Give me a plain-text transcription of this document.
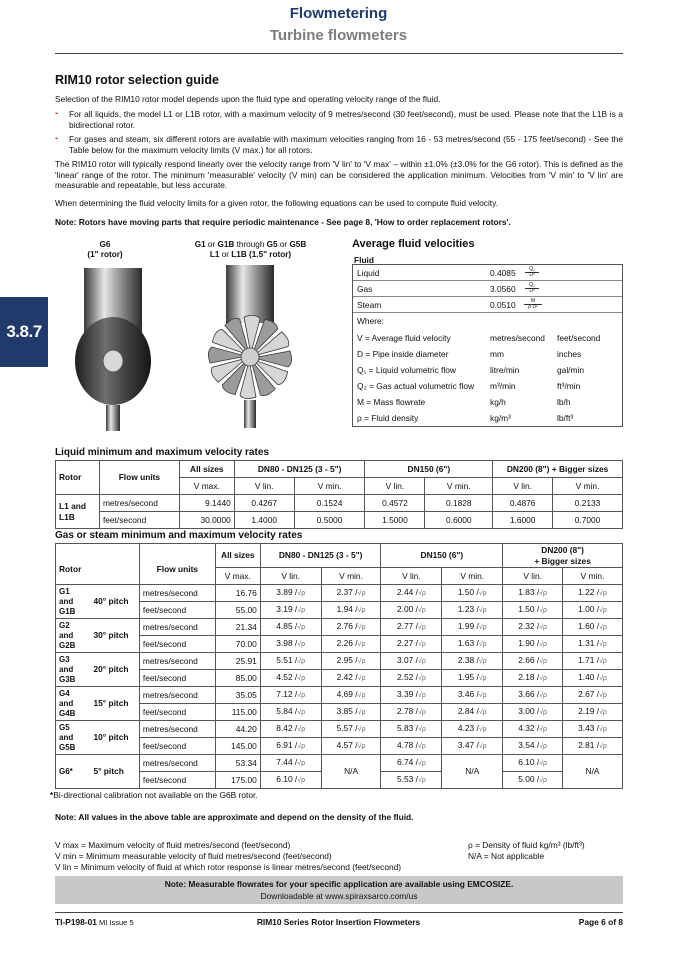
Flowmetering
Turbine flowmeters
3.8.7
RIM10 rotor selection guide
Selection of the RIM10 rotor model depends upon the fluid type and operating velocity range of the fluid.
- For all liquids, the model L1 or L1B rotor, with a maximum velocity of 9 metres/second (30 feet/second), must be used. Please note that the L1B is a bidirectional rotor.
- For gases and steam, six different rotors are available with maximum velocities ranging from 16 - 53 metres/second (55 - 175 feet/second) - See the Table below for the maximum velocity limits (V max.) for all rotors.
The RIM10 rotor will typically respond linearly over the velocity range from 'V lin' to 'V max' – within ±1.0% (±3.0% for the G6 rotor). This is defined as the 'linear' range of the rotor. The minimum 'measurable' velocity (V min) can be considered the application minimum. Velocities from 'V min' to 'V lin' are measurable and repeatable, but less accurate.
When determining the fluid velocity limits for a given rotor, the following equations can be used to compute fluid velocity.
Note: Rotors have moving parts that require periodic maintenance - See page 8, 'How to order replacement rotors'.
G6
(1" rotor)
G1 or G1B through G5 or G5B
L1 or L1B (1.5" rotor)
Average fluid velocities
Fluid
Liquid	$0.4085 \frac{\text{Q₁}}{\text{D²}}$
Gas	$3.0560 \frac{\text{Q₂}}{\text{D²}}$
Steam	$0.0510 \frac{M}{\text{ρ D²}}$
Where:
V = Average fluid velocity	metres/second feet/second
D = Pipe inside diameter	mm	inches
Q₁ = Liquid volumetric flow	litre/min	gal/min
Q₂ = Gas actual volumetric flow m³/min	ft³/min
M = Mass flowrate	kg/h	lb/h
ρ = Fluid density	kg/m³	lb/ft³
Liquid minimum and maximum velocity rates
Rotor	Flow units	All sizes	DN80 - DN125 (3 - 5")		DN150 (6")		DN200 (8") + Bigger sizes	
		V max.	V lin.	V min.	V lin.	V min.	V lin.	V min.
L1 and
L1B	metres/second	9.1440	0.4267	0.1524	0.4572	0.1828	0.4876	0.2133
	feet/second	30.0000	1.4000	0.5000	1.5000	0.6000	1.6000	0.7000
Gas or steam minimum and maximum velocity rates
Rotor		Flow units	All sizes	DN80 - DN125 (3 - 5")		DN150 (6")		DN200 (8")
+ Bigger sizes	
			V max.	V lin.	V min.	V lin.	V min.	V lin.	V min.
G1 and
G1B	40° pitch	metres/second	16.76	3.89 /√ρ	2.37 /√ρ	2.44 /√ρ	1.50 /√ρ	1.83 /√ρ	1.22 /√ρ
		feet/second	55.00	3.19 /√ρ	1.94 /√ρ	2.00 /√ρ	1.23 /√ρ	1.50 /√ρ	1.00 /√ρ
G2 and
G2B	30° pitch	metres/second	21.34	4.85 /√ρ	2.76 /√ρ	2.77 /√ρ	1.99 /√ρ	2.32 /√ρ	1.60 /√ρ
		feet/second	70.00	3.98 /√ρ	2.26 /√ρ	2.27 /√ρ	1.63 /√ρ	1.90 /√ρ	1.31 /√ρ
G3 and
G3B	20° pitch	metres/second	25.91	5.51 /√ρ	2.95 /√ρ	3.07 /√ρ	2.38 /√ρ	2.66 /√ρ	1.71 /√ρ
		feet/second	85.00	4.52 /√ρ	2.42 /√ρ	2.52 /√ρ	1.95 /√ρ	2.18 /√ρ	1.40 /√ρ
G4 and
G4B	15° pitch	metres/second	35.05	7.12 /√ρ	4.69 /√ρ	3.39 /√ρ	3.46 /√ρ	3.66 /√ρ	2.67 /√ρ
		feet/second	115.00	5.84 /√ρ	3.85 /√ρ	2.78 /√ρ	2.84 /√ρ	3.00 /√ρ	2.19 /√ρ
G5 and
G5B	10° pitch	metres/second	44.20	8.42 /√ρ	5.57 /√ρ	5.83 /√ρ	4.23 /√ρ	4.32 /√ρ	3.43 /√ρ
		feet/second	145.00	6.91 /√ρ	4.57 /√ρ	4.78 /√ρ	3.47 /√ρ	3.54 /√ρ	2.81 /√ρ
G6*	5° pitch	metres/second	53.34	7.44 /√ρ	N/A	6.74 /√ρ	N/A	6.10 /√ρ	N/A
		feet/second	175.00	6.10 /√ρ		5.53 /√ρ		5.00 /√ρ	
*Bi-directional calibration not available on the G6B rotor.
Note: All values in the above table are approximate and depend on the density of the fluid.
V max = Maximum velocity of fluid metres/second (feet/second)
V min = Minimum measurable velocity of fluid metres/second (feet/second)
V lin = Minimum velocity of fluid at which rotor response is linear metres/second (feet/second)
ρ = Density of fluid kg/m³ (lb/ft³)
N/A = Not applicable
Note: Measurable flowrates for your specific application are available using EMCOSIZE.
Downloadable at www.spiraxsarco.com/us
TI-P198-01 MI Issue 5	RIM10 Series Rotor Insertion Flowmeters	Page 6 of 8
